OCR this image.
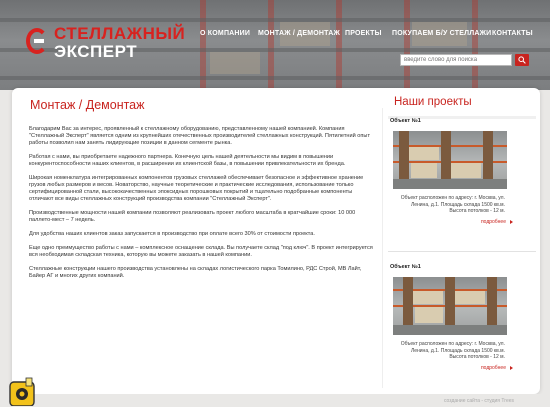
СТЕЛЛАЖНЫЙ
ЭКСПЕРТ
О КОМПАНИИ МОНТАЖ / ДЕМОНТАЖ ПРОЕКТЫ ПОКУПАЕМ Б/У СТЕЛЛАЖИ КОНТАКТЫ
введите слово для поиска
Монтаж / Демонтаж

Благодарим Вас за интерес, проявленный к стеллажному оборудованию, представленному нашей компанией. Компания "Стеллажный Эксперт" является одним из крупнейших отечественных производителей стеллажных конструкций. Пятилетний опыт работы позволил нам занять лидирующие позиции в данном сегменте рынка.

Работая с нами, вы приобретаете надежного партнера. Конечную цель нашей деятельности мы видим в повышении конкурентоспособности наших клиентов, в расширении их клиентской базы, в повышении привлекательности их бренда.

Широкая номенклатура интегрированных компонентов грузовых стеллажей обеспечивает безопасное и эффективное хранение грузов любых размеров и весов. Новаторство, научные теоретические и практические исследования, использование только сертифицированной стали, высококачественных эпоксидных порошковых покрытий и тщательно подобранные компоненты отличают все виды стеллажных конструкций производства компании "Стеллажный Эксперт".

Производственные мощности нашей компании позволяют реализовать проект любого масштаба в кратчайшие сроки: 10 000 паллето-мест – 7 недель.

Для удобства наших клиентов заказ запускается в производство при оплате всего 30% от стоимости проекта.

Еще одно преимущество работы с нами – комплексное оснащение склада. Вы получаете склад "под ключ". В проект интегрируется вся необходимая складская техника, которую вы можете заказать в нашей компании.

Стеллажные конструкции нашего производства установлены на складах логистического парка Томилино, РДС Строй, МВ Лайт, Байер АГ и многих других компаний.

Наши проекты
Объект №1
Объект расположен по адресу: г. Москва, ул. Ленина, д.1. Площадь склада 1500 кв.м. Высота потолков - 12 м.
подробнее
Объект №1
Объект расположен по адресу: г. Москва, ул. Ленина, д.1. Площадь склада 1500 кв.м. Высота потолков - 12 м.
подробнее
создание сайта - студия Trees
